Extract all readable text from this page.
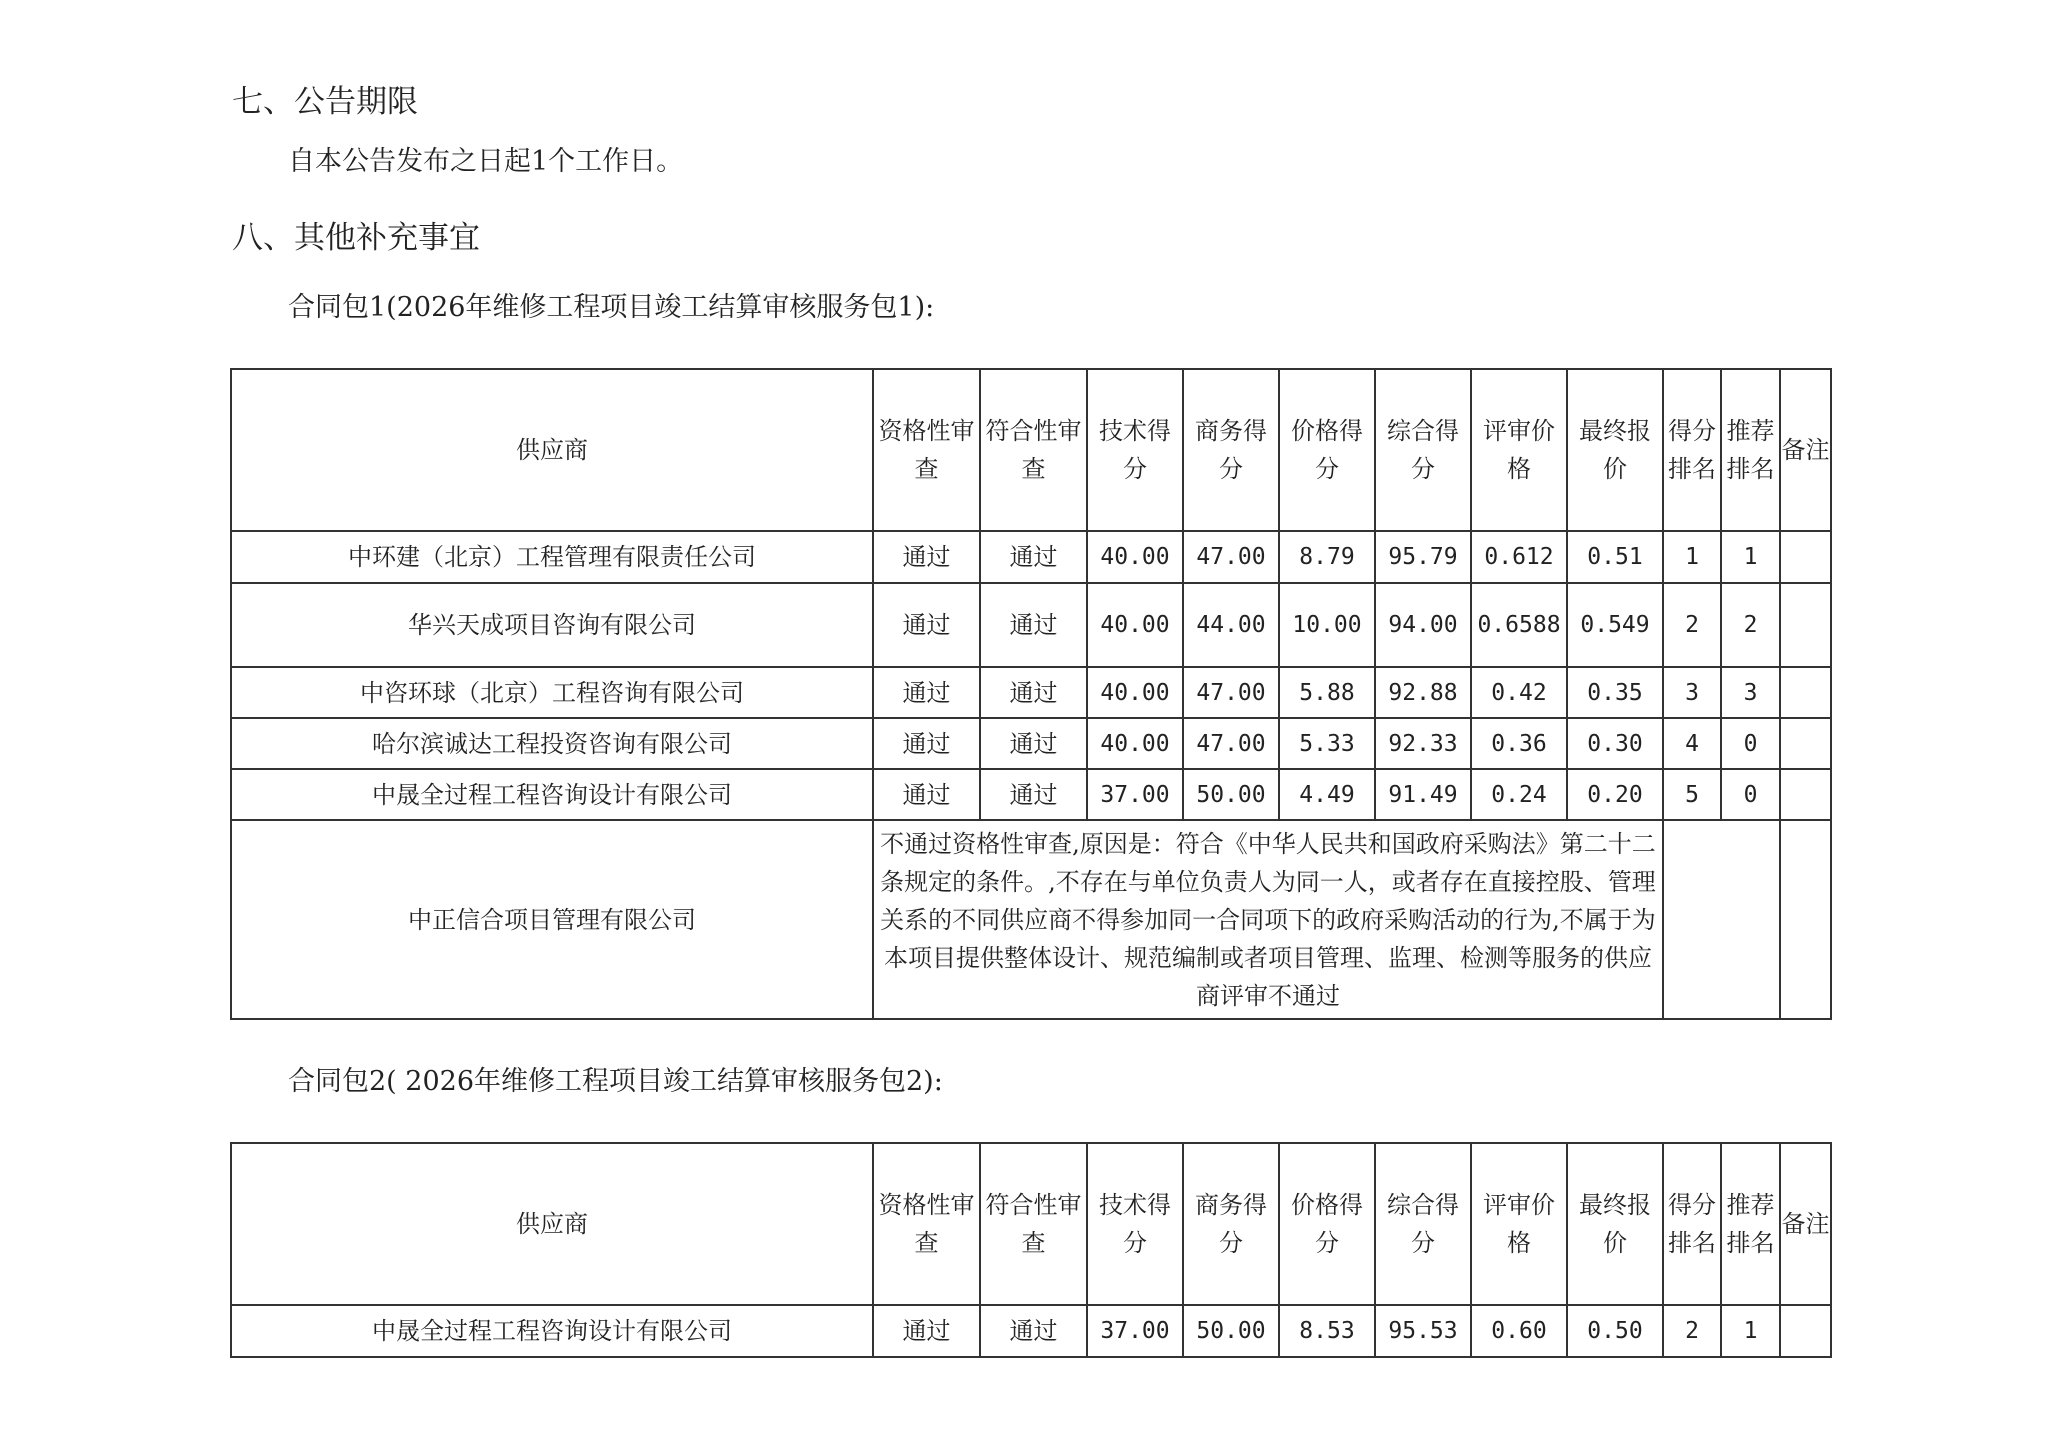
七、公告期限
自本公告发布之日起1个工作日。
八、其他补充事宜
合同包1(2026年维修工程项目竣工结算审核服务包1):
供应商	资格性审查	符合性审查	技术得分	商务得分	价格得分	综合得分	评审价格	最终报价	得分排名	推荐排名	备注
中环建（北京）工程管理有限责任公司	通过	通过	40.00	47.00	8.79	95.79	0.612	0.51	1	1	
华兴天成项目咨询有限公司	通过	通过	40.00	44.00	10.00	94.00	0.6588	0.549	2	2	
中咨环球（北京）工程咨询有限公司	通过	通过	40.00	47.00	5.88	92.88	0.42	0.35	3	3	
哈尔滨诚达工程投资咨询有限公司	通过	通过	40.00	47.00	5.33	92.33	0.36	0.30	4	0	
中晟全过程工程咨询设计有限公司	通过	通过	37.00	50.00	4.49	91.49	0.24	0.20	5	0	
中正信合项目管理有限公司	不通过资格性审查,原因是：符合《中华人民共和国政府采购法》第二十二条规定的条件。,不存在与单位负责人为同一人，或者存在直接控股、管理关系的不同供应商不得参加同一合同项下的政府采购活动的行为,不属于为本项目提供整体设计、规范编制或者项目管理、监理、检测等服务的供应商评审不通过										
合同包2( 2026年维修工程项目竣工结算审核服务包2):
供应商	资格性审查	符合性审查	技术得分	商务得分	价格得分	综合得分	评审价格	最终报价	得分排名	推荐排名	备注
中晟全过程工程咨询设计有限公司	通过	通过	37.00	50.00	8.53	95.53	0.60	0.50	2	1	
